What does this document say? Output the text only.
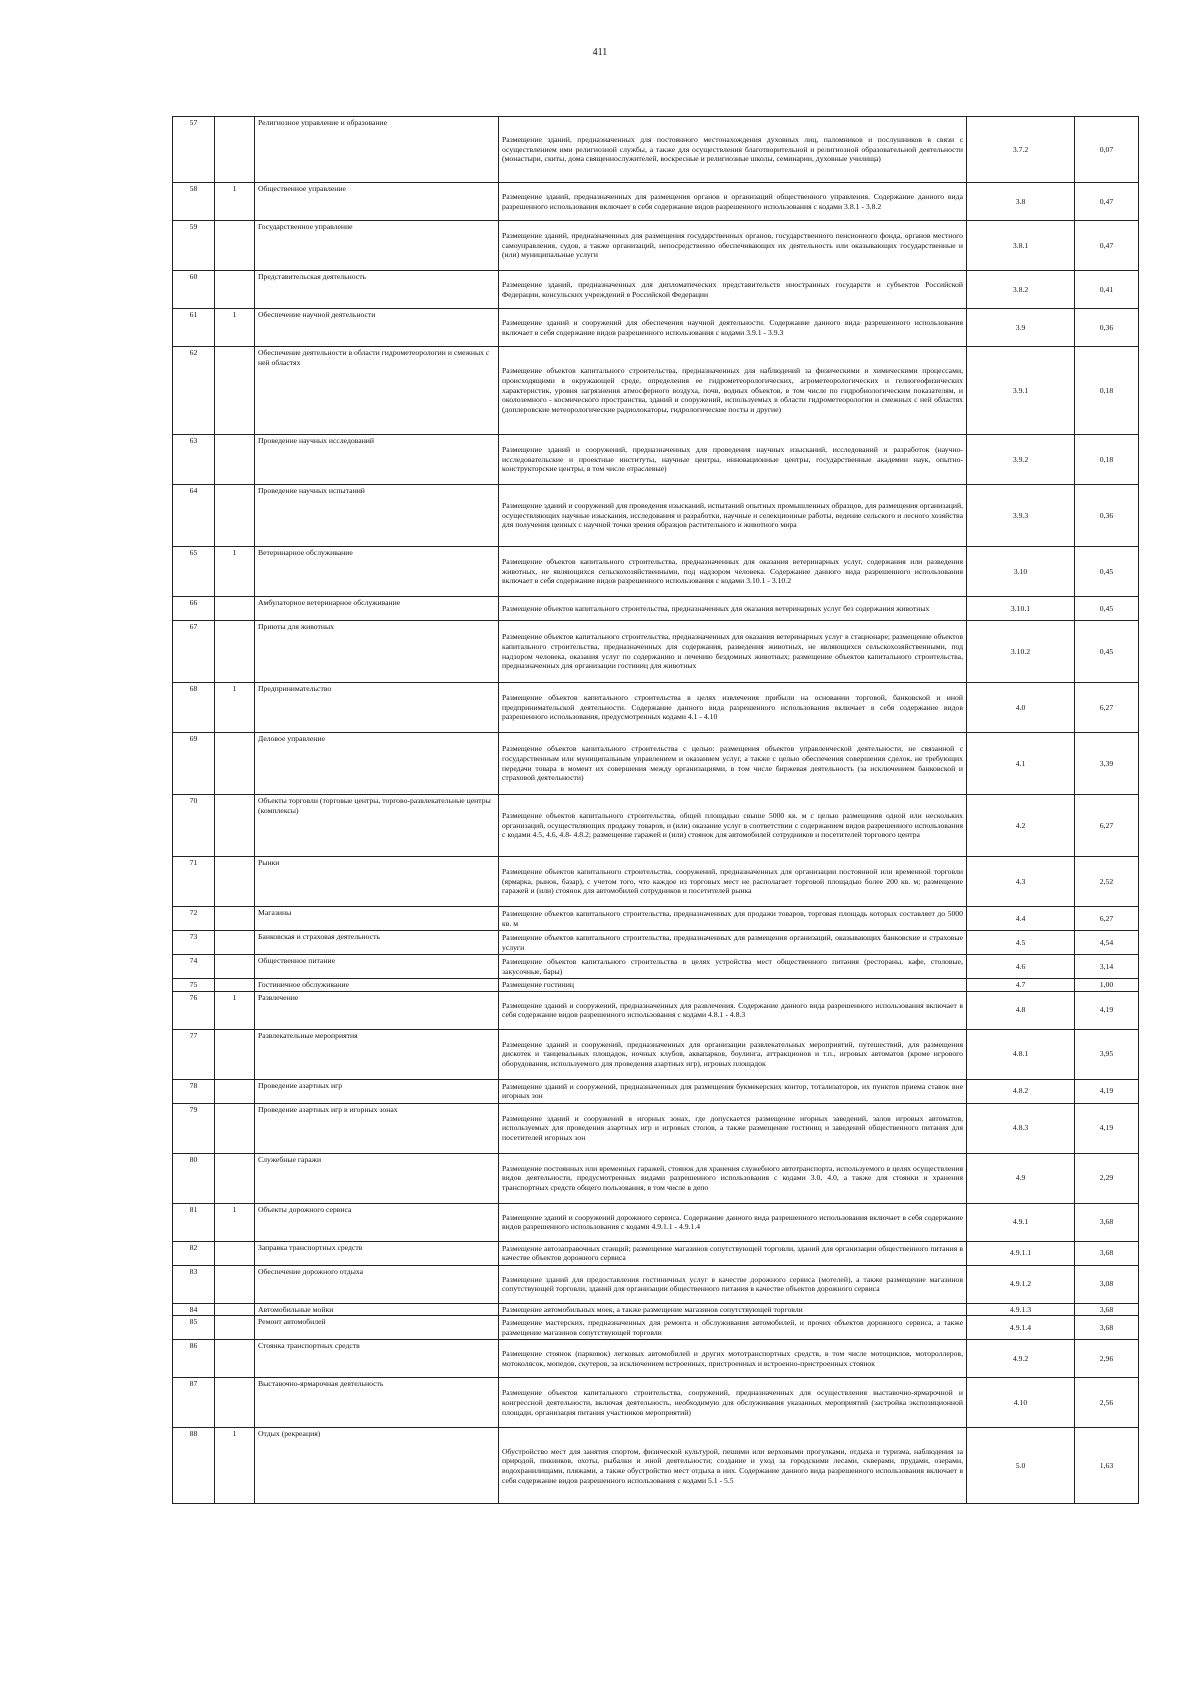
411
57		Религиозное управление и образование	Размещение зданий, предназначенных для постоянного местонахождения духовных лиц, паломников и послушников в связи с осуществлением ими религиозной службы, а также для осуществления благотворительной и религиозной образовательной деятельности (монастыри, скиты, дома священнослужителей, воскресные и религиозные школы, семинарии, духовные училища)	3.7.2	0,07
58	1	Общественное управление	Размещение зданий, предназначенных для размещения органов и организаций общественного управления. Содержание данного вида разрешенного использования включает в себя содержание видов разрешенного использования с кодами 3.8.1 - 3.8.2	3.8	0,47
59		Государственное управление	Размещение зданий, предназначенных для размещения государственных органов, государственного пенсионного фонда, органов местного самоуправления, судов, а также организаций, непосредственно обеспечивающих их деятельность или оказывающих государственные и (или) муниципальные услуги	3.8.1	0,47
60		Представительская деятельность	Размещение зданий, предназначенных для дипломатических представительств иностранных государств и субъектов Российской Федерации, консульских учреждений в Российской Федерации	3.8.2	0,41
61	1	Обеспечение научной деятельности	Размещение зданий и сооружений для обеспечения научной деятельности. Содержание данного вида разрешенного использования включает в себя содержание видов разрешенного использования с кодами 3.9.1 - 3.9.3	3.9	0,36
62		Обеспечение деятельности в области гидрометеорологии и смежных с ней областях	Размещение объектов капитального строительства, предназначенных для наблюдений за физическими и химическими процессами, происходящими в окружающей среде, определения ее гидрометеорологических, агрометеорологических и гелиогеофизических характеристик, уровня загрязнения атмосферного воздуха, почв, водных объектов, в том числе по гидробиологическим показателям, и околоземного - космического пространства, зданий и сооружений, используемых в области гидрометеорологии и смежных с ней областях (доплеровские метеорологические радиолокаторы, гидрологические посты и другие)	3.9.1	0,18
63		Проведение научных исследований	Размещение зданий и сооружений, предназначенных для проведения научных изысканий, исследований и разработок (научно-исследовательские и проектные институты, научные центры, инновационные центры, государственные академии наук, опытно-конструкторские центры, в том числе отраслевые)	3.9.2	0,18
64		Проведение научных испытаний	Размещение зданий и сооружений для проведения изысканий, испытаний опытных промышленных образцов, для размещения организаций, осуществляющих научные изыскания, исследования и разработки, научные и селекционные работы, ведение сельского и лесного хозяйства для получения ценных с научной точки зрения образцов растительного и животного мира	3.9.3	0,36
65	1	Ветеринарное обслуживание	Размещение объектов капитального строительства, предназначенных для оказания ветеринарных услуг, содержания или разведения животных, не являющихся сельскохозяйственными, под надзором человека. Содержание данного вида разрешенного использования включает в себя содержание видов разрешенного использования с кодами 3.10.1 - 3.10.2	3.10	0,45
66		Амбулаторное ветеринарное обслуживание	Размещение объектов капитального строительства, предназначенных для оказания ветеринарных услуг без содержания животных	3.10.1	0,45
67		Приюты для животных	Размещение объектов капитального строительства, предназначенных для оказания ветеринарных услуг в стационаре; размещение объектов капитального строительства, предназначенных для содержания, разведения животных, не являющихся сельскохозяйственными, под надзором человека, оказания услуг по содержанию и лечению бездомных животных; размещение объектов капитального строительства, предназначенных для организации гостиниц для животных	3.10.2	0,45
68	1	Предпринимательство	Размещение объектов капитального строительства в целях извлечения прибыли на основании торговой, банковской и иной предпринимательской деятельности. Содержание данного вида разрешенного использования включает в себя содержание видов разрешенного использования, предусмотренных кодами 4.1 - 4.10	4.0	6,27
69		Деловое управление	Размещение объектов капитального строительства с целью: размещения объектов управленческой деятельности, не связанной с государственным или муниципальным управлением и оказанием услуг, а также с целью обеспечения совершения сделок, не требующих передачи товара в момент их совершения между организациями, в том числе биржевая деятельность (за исключением банковской и страховой деятельности)	4.1	3,39
70		Объекты торговли (торговые центры, торгово-развлекательные центры (комплексы)	Размещение объектов капитального строительства, общей площадью свыше 5000 кв. м с целью размещения одной или нескольких организаций, осуществляющих продажу товаров, и (или) оказание услуг в соответствии с содержанием видов разрешенного использования с кодами 4.5, 4.6, 4.8- 4.8.2; размещение гаражей и (или) стоянок для автомобилей сотрудников и посетителей торгового центра	4.2	6,27
71		Рынки	Размещение объектов капитального строительства, сооружений, предназначенных для организации постоянной или временной торговли (ярмарка, рынок, базар), с учетом того, что каждое из торговых мест не располагает торговой площадью более 200 кв. м; размещение гаражей и (или) стоянок для автомобилей сотрудников и посетителей рынка	4.3	2,52
72		Магазины	Размещение объектов капитального строительства, предназначенных для продажи товаров, торговая площадь которых составляет до 5000 кв. м	4.4	6,27
73		Банковская и страховая деятельность	Размещение объектов капитального строительства, предназначенных для размещения организаций, оказывающих банковские и страховые услуги	4.5	4,54
74		Общественное питание	Размещение объектов капитального строительства в целях устройства мест общественного питания (рестораны, кафе, столовые, закусочные, бары)	4.6	3,14
75		Гостиничное обслуживание	Размещение гостиниц	4.7	1,00
76	1	Развлечение	Размещение зданий и сооружений, предназначенных для развлечения. Содержание данного вида разрешенного использования включает в себя содержание видов разрешенного использования с кодами 4.8.1 - 4.8.3	4.8	4,19
77		Развлекательные мероприятия	Размещение зданий и сооружений, предназначенных для организации развлекательных мероприятий, путешествий, для размещения дискотек и танцевальных площадок, ночных клубов, аквапарков, боулинга, аттракционов и т.п., игровых автоматов (кроме игрового оборудования, используемого для проведения азартных игр), игровых площадок	4.8.1	3,95
78		Проведение азартных игр	Размещение зданий и сооружений, предназначенных для размещения букмекерских контор, тотализаторов, их пунктов приема ставок вне игорных зон	4.8.2	4,19
79		Проведение азартных игр в игорных зонах	Размещение зданий и сооружений в игорных зонах, где допускается размещение игорных заведений, залов игровых автоматов, используемых для проведения азартных игр и игровых столов, а также размещение гостиниц и заведений общественного питания для посетителей игорных зон	4.8.3	4,19
80		Служебные гаражи	Размещение постоянных или временных гаражей, стоянок для хранения служебного автотранспорта, используемого в целях осуществления видов деятельности, предусмотренных видами разрешенного использования с кодами 3.0, 4.0, а также для стоянки и хранения транспортных средств общего пользования, в том числе в депо	4.9	2,29
81	1	Объекты дорожного сервиса	Размещение зданий и сооружений дорожного сервиса. Содержание данного вида разрешенного использования включает в себя содержание видов разрешенного использования с кодами 4.9.1.1 - 4.9.1.4	4.9.1	3,68
82		Заправка транспортных средств	Размещение автозаправочных станций; размещение магазинов сопутствующей торговли, зданий для организации общественного питания в качестве объектов дорожного сервиса	4.9.1.1	3,68
83		Обеспечение дорожного отдыха	Размещение зданий для предоставления гостиничных услуг в качестве дорожного сервиса (мотелей), а также размещение магазинов сопутствующей торговли, зданий для организации общественного питания в качестве объектов дорожного сервиса	4.9.1.2	3,08
84		Автомобильные мойки	Размещение автомобильных моек, а также размещение магазинов сопутствующей торговли	4.9.1.3	3,68
85		Ремонт автомобилей	Размещение мастерских, предназначенных для ремонта и обслуживания автомобилей, и прочих объектов дорожного сервиса, а также размещение магазинов сопутствующей торговли	4.9.1.4	3,68
86		Стоянка транспортных средств	Размещение стоянок (парковок) легковых автомобилей и других мототранспортных средств, в том числе мотоциклов, мотороллеров, мотоколясок, мопедов, скутеров, за исключением встроенных, пристроенных и встроенно-пристроенных стоянок	4.9.2	2,96
87		Выставочно-ярмарочная деятельность	Размещение объектов капитального строительства, сооружений, предназначенных для осуществления выставочно-ярмарочной и конгрессной деятельности, включая деятельность, необходимую для обслуживания указанных мероприятий (застройка экспозиционной площади, организация питания участников мероприятий)	4.10	2,56
88	1	Отдых (рекреация)	Обустройство мест для занятия спортом, физической культурой, пешими или верховыми прогулками, отдыха и туризма, наблюдения за природой, пикников, охоты, рыбалки и иной деятельности; создание и уход за городскими лесами, скверами, прудами, озерами, водохранилищами, пляжами, а также обустройство мест отдыха в них. Содержание данного вида разрешенного использования включает в себя содержание видов разрешенного использования с кодами 5.1 - 5.5	5.0	1,63
